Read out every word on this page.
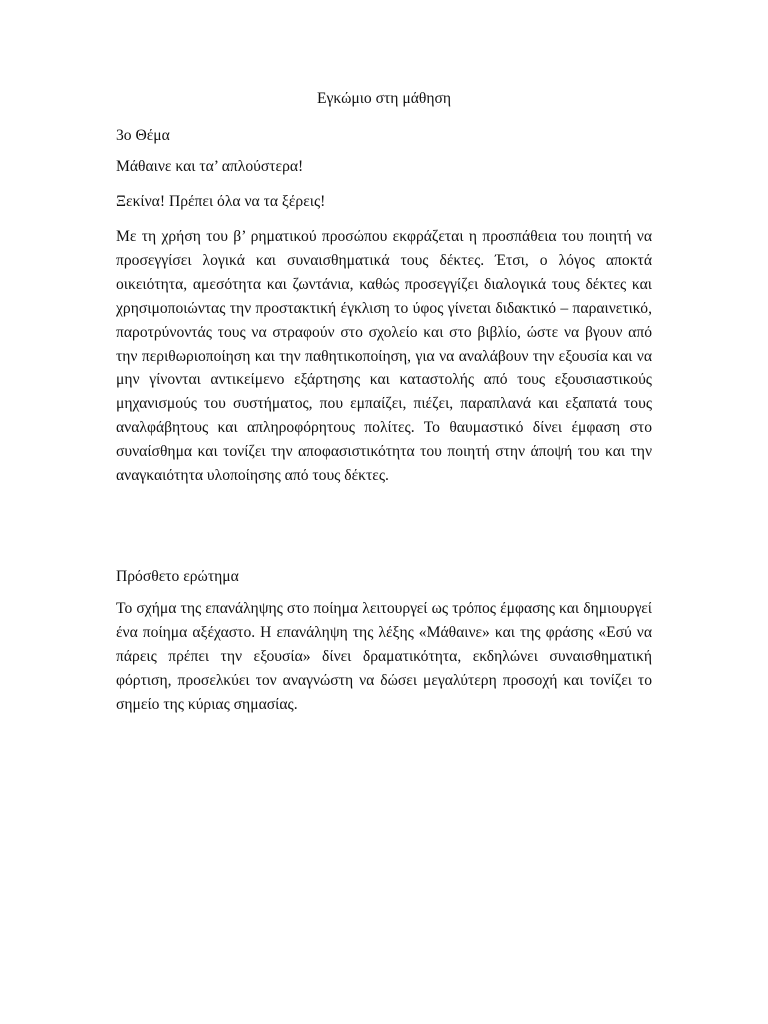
Εγκώμιο στη μάθηση

3ο Θέμα

Μάθαινε και τα’ απλούστερα!

Ξεκίνα! Πρέπει όλα να τα ξέρεις!

Με τη χρήση του β’ ρηματικού προσώπου εκφράζεται η προσπάθεια του ποιητή να προσεγγίσει λογικά και συναισθηματικά τους δέκτες. Έτσι, ο λόγος αποκτά οικειότητα, αμεσότητα και ζωντάνια, καθώς προσεγγίζει διαλογικά τους δέκτες και χρησιμοποιώντας την προστακτική έγκλιση το ύφος γίνεται διδακτικό – παραινετικό, παροτρύνοντάς τους να στραφούν στο σχολείο και στο βιβλίο, ώστε να βγουν από την περιθωριοποίηση και την παθητικοποίηση, για να αναλάβουν την εξουσία και να μην γίνονται αντικείμενο εξάρτησης και καταστολής από τους εξουσιαστικούς μηχανισμούς του συστήματος, που εμπαίζει, πιέζει, παραπλανά και εξαπατά τους αναλφάβητους και απληροφόρητους πολίτες. Το θαυμαστικό δίνει έμφαση στο συναίσθημα και τονίζει την αποφασιστικότητα του ποιητή στην άποψή του και την αναγκαιότητα υλοποίησης από τους δέκτες.

Πρόσθετο ερώτημα

Το σχήμα της επανάληψης στο ποίημα λειτουργεί ως τρόπος έμφασης και δημιουργεί ένα ποίημα αξέχαστο. Η επανάληψη της λέξης «Μάθαινε» και της φράσης «Εσύ να πάρεις πρέπει την εξουσία» δίνει δραματικότητα, εκδηλώνει συναισθηματική φόρτιση, προσελκύει τον αναγνώστη να δώσει μεγαλύτερη προσοχή και τονίζει το σημείο της κύριας σημασίας.
